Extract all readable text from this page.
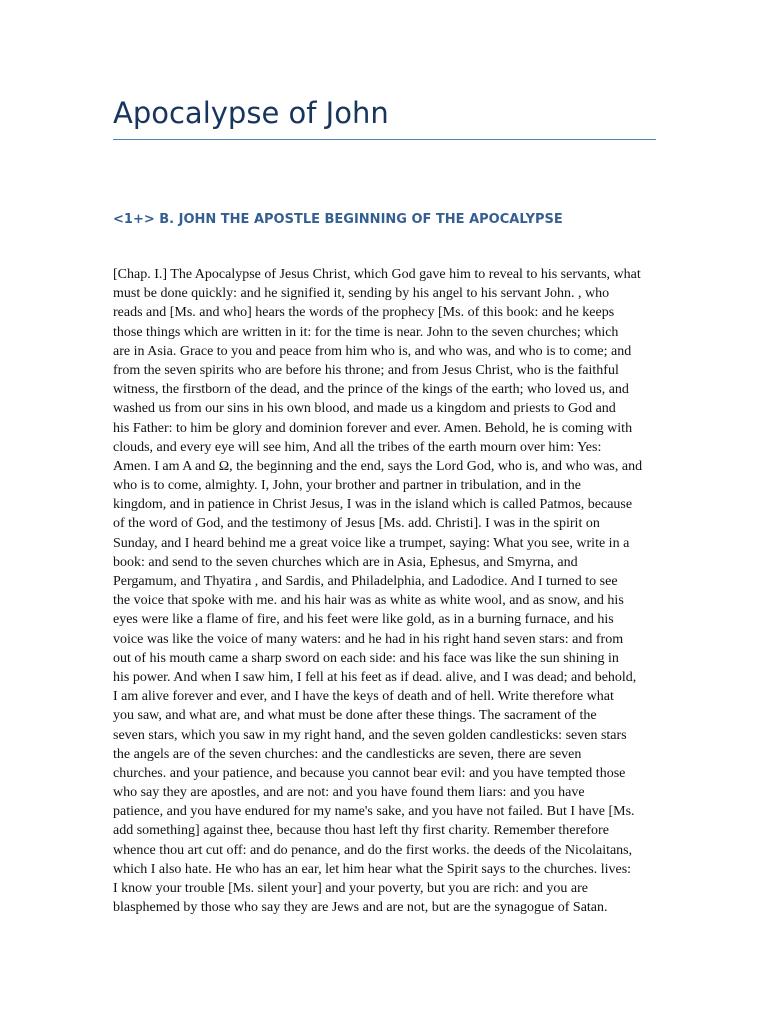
Apocalypse of John
<1+> B. JOHN THE APOSTLE BEGINNING OF THE APOCALYPSE
[Chap. I.] The Apocalypse of Jesus Christ, which God gave him to reveal to his servants, what
must be done quickly: and he signified it, sending by his angel to his servant John. , who
reads and [Ms. and who] hears the words of the prophecy [Ms. of this book: and he keeps
those things which are written in it: for the time is near. John to the seven churches; which
are in Asia. Grace to you and peace from him who is, and who was, and who is to come; and
from the seven spirits who are before his throne; and from Jesus Christ, who is the faithful
witness, the firstborn of the dead, and the prince of the kings of the earth; who loved us, and
washed us from our sins in his own blood, and made us a kingdom and priests to God and
his Father: to him be glory and dominion forever and ever. Amen. Behold, he is coming with
clouds, and every eye will see him, And all the tribes of the earth mourn over him: Yes:
Amen. I am A and Ω, the beginning and the end, says the Lord God, who is, and who was, and
who is to come, almighty. I, John, your brother and partner in tribulation, and in the
kingdom, and in patience in Christ Jesus, I was in the island which is called Patmos, because
of the word of God, and the testimony of Jesus [Ms. add. Christi]. I was in the spirit on
Sunday, and I heard behind me a great voice like a trumpet, saying: What you see, write in a
book: and send to the seven churches which are in Asia, Ephesus, and Smyrna, and
Pergamum, and Thyatira , and Sardis, and Philadelphia, and Ladodice. And I turned to see
the voice that spoke with me. and his hair was as white as white wool, and as snow, and his
eyes were like a flame of fire, and his feet were like gold, as in a burning furnace, and his
voice was like the voice of many waters: and he had in his right hand seven stars: and from
out of his mouth came a sharp sword on each side: and his face was like the sun shining in
his power. And when I saw him, I fell at his feet as if dead. alive, and I was dead; and behold,
I am alive forever and ever, and I have the keys of death and of hell. Write therefore what
you saw, and what are, and what must be done after these things. The sacrament of the
seven stars, which you saw in my right hand, and the seven golden candlesticks: seven stars
the angels are of the seven churches: and the candlesticks are seven, there are seven
churches. and your patience, and because you cannot bear evil: and you have tempted those
who say they are apostles, and are not: and you have found them liars: and you have
patience, and you have endured for my name's sake, and you have not failed. But I have [Ms.
add something] against thee, because thou hast left thy first charity. Remember therefore
whence thou art cut off: and do penance, and do the first works. the deeds of the Nicolaitans,
which I also hate. He who has an ear, let him hear what the Spirit says to the churches. lives:
I know your trouble [Ms. silent your] and your poverty, but you are rich: and you are
blasphemed by those who say they are Jews and are not, but are the synagogue of Satan.
